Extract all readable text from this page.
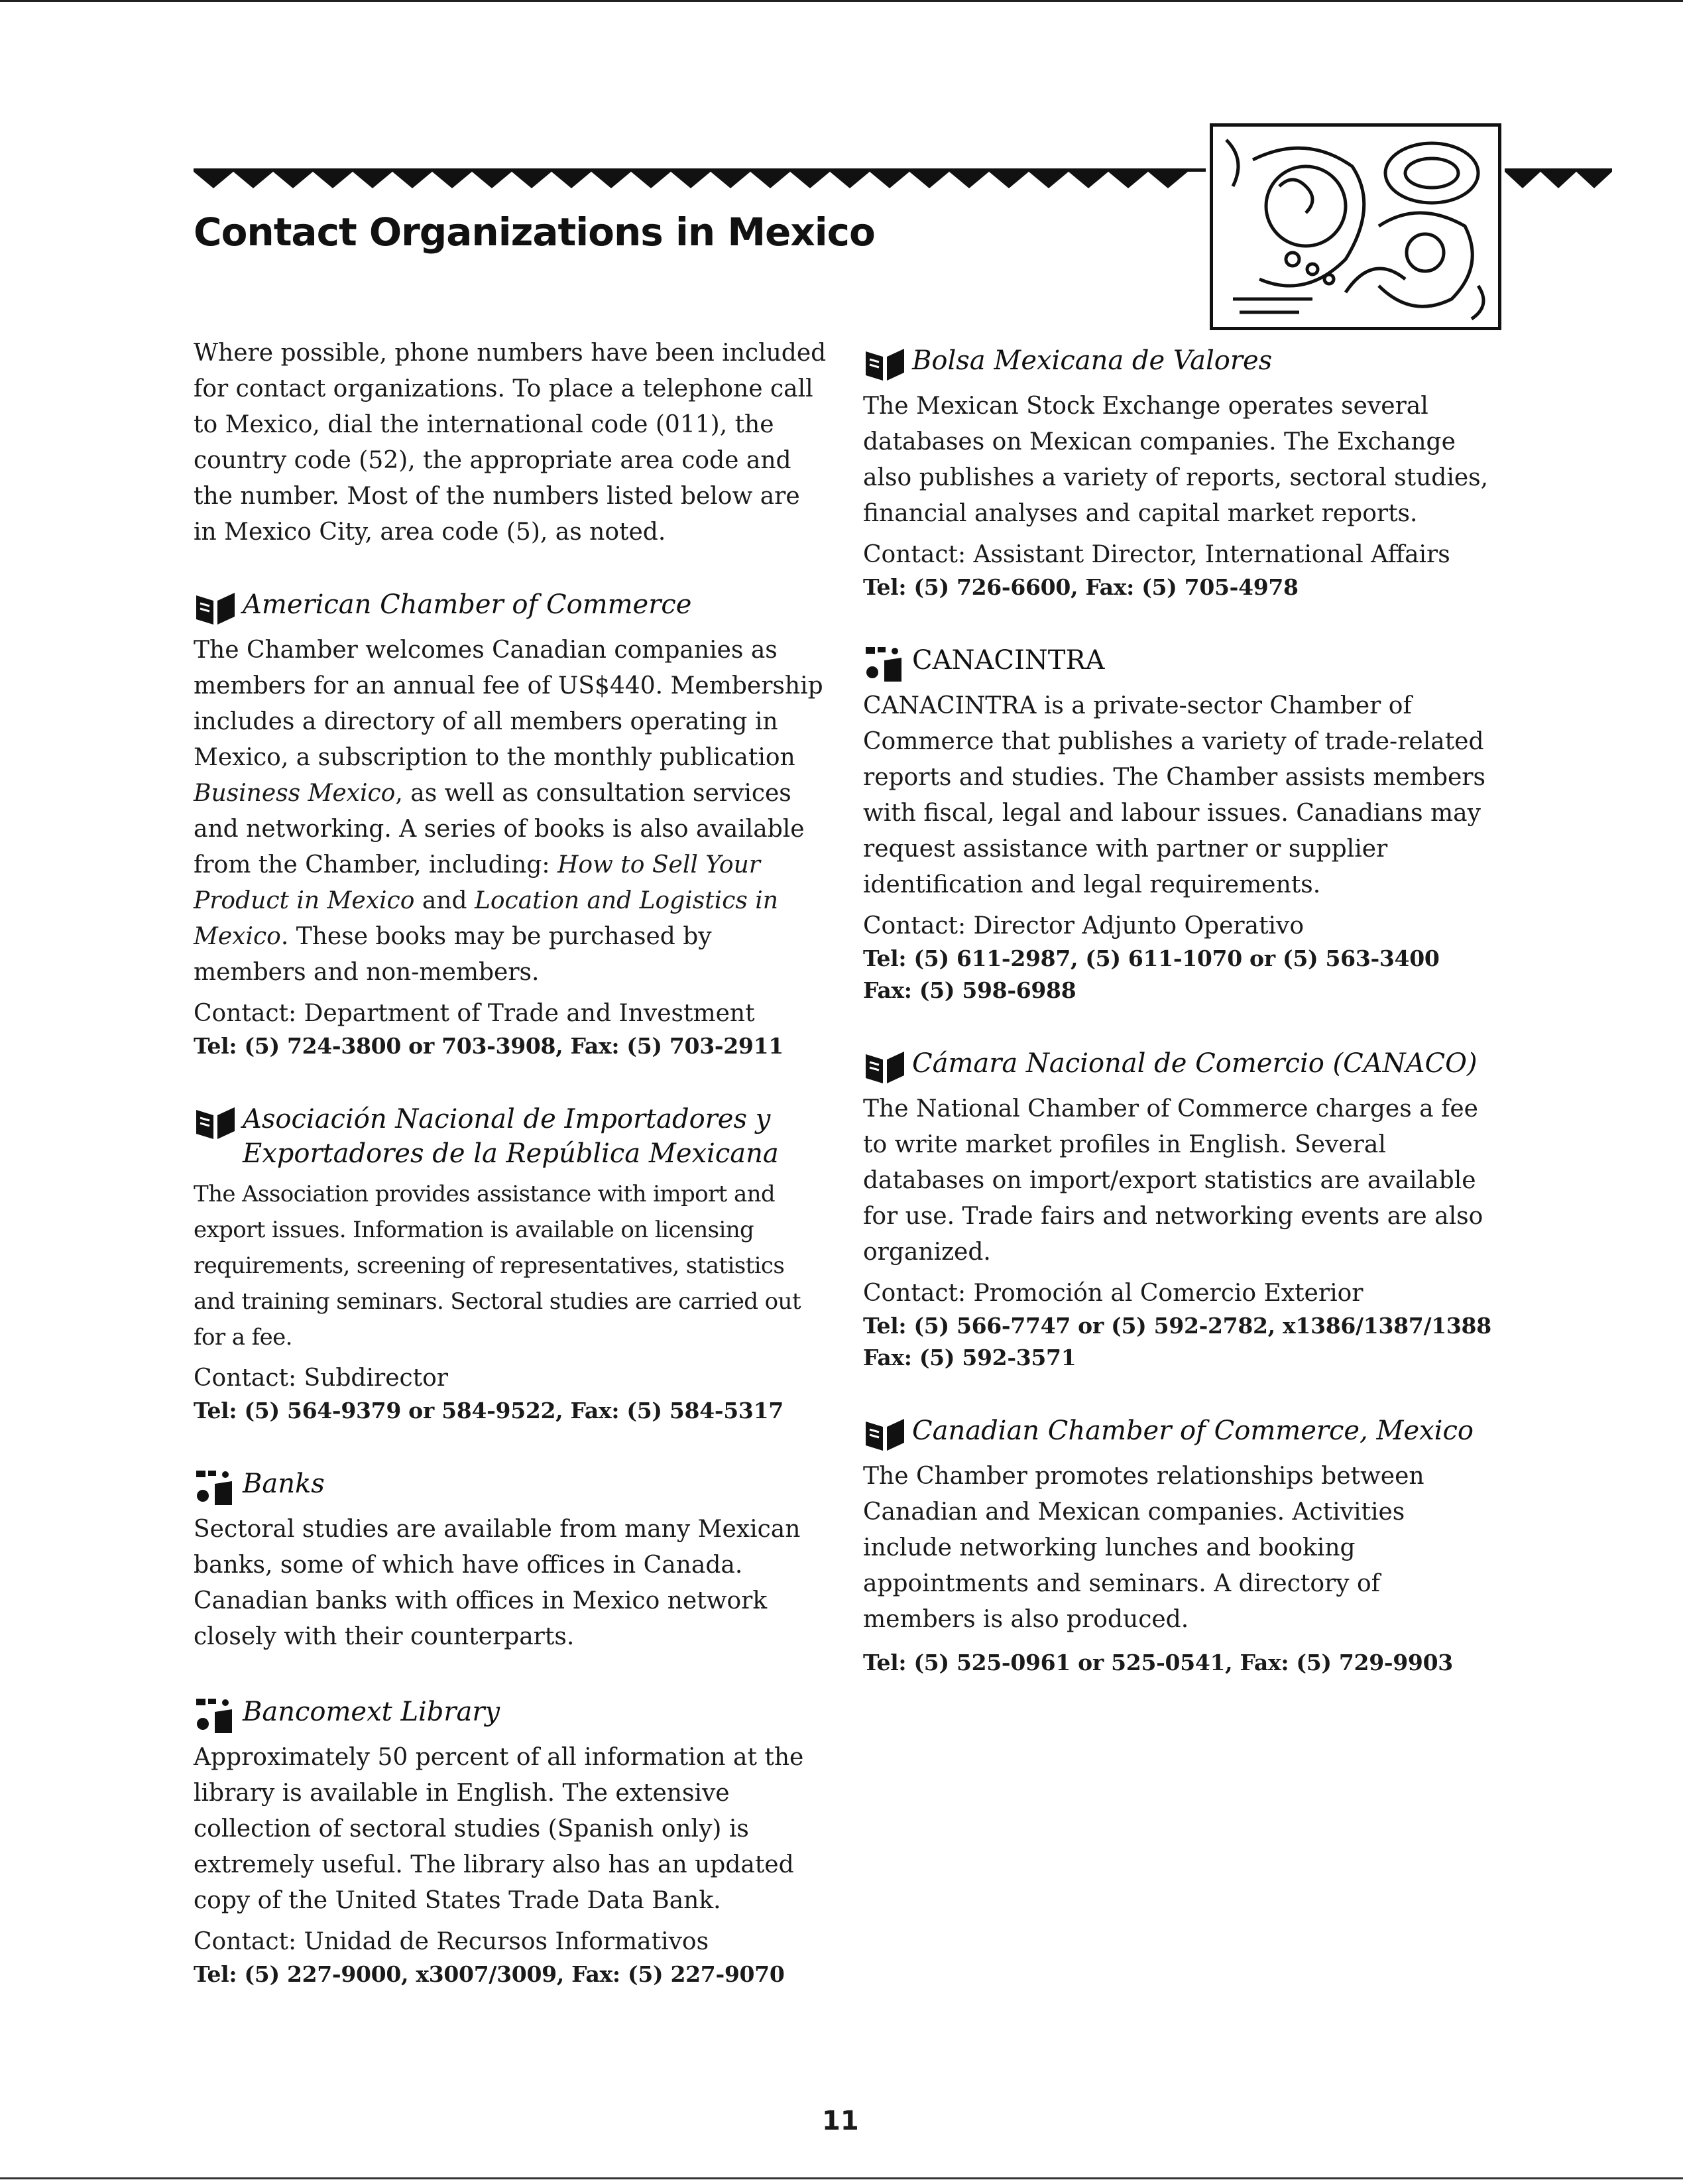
Contact Organizations in Mexico

Where possible, phone numbers have been included for contact organizations. To place a telephone call to Mexico, dial the international code (011), the country code (52), the appropriate area code and the number. Most of the numbers listed below are in Mexico City, area code (5), as noted.

American Chamber of Commerce

The Chamber welcomes Canadian companies as members for an annual fee of US$440. Membership includes a directory of all members operating in Mexico, a subscription to the monthly publication Business Mexico, as well as consultation services and networking. A series of books is also available from the Chamber, including: How to Sell Your Product in Mexico and Location and Logistics in Mexico. These books may be purchased by members and non-members.

Contact: Department of Trade and Investment

Tel: (5) 724-3800 or 703-3908, Fax: (5) 703-2911

Asociación Nacional de Importadores y Exportadores de la República Mexicana

The Association provides assistance with import and export issues. Information is available on licensing requirements, screening of representatives, statistics and training seminars. Sectoral studies are carried out for a fee.

Contact: Subdirector

Tel: (5) 564-9379 or 584-9522, Fax: (5) 584-5317

Banks

Sectoral studies are available from many Mexican banks, some of which have offices in Canada. Canadian banks with offices in Mexico network closely with their counterparts.

Bancomext Library

Approximately 50 percent of all information at the library is available in English. The extensive collection of sectoral studies (Spanish only) is extremely useful. The library also has an updated copy of the United States Trade Data Bank.

Contact: Unidad de Recursos Informativos

Tel: (5) 227-9000, x3007/3009, Fax: (5) 227-9070

Bolsa Mexicana de Valores

The Mexican Stock Exchange operates several databases on Mexican companies. The Exchange also publishes a variety of reports, sectoral studies, financial analyses and capital market reports.

Contact: Assistant Director, International Affairs

Tel: (5) 726-6600, Fax: (5) 705-4978

CANACINTRA

CANACINTRA is a private-sector Chamber of Commerce that publishes a variety of trade-related reports and studies. The Chamber assists members with fiscal, legal and labour issues. Canadians may request assistance with partner or supplier identification and legal requirements.

Contact: Director Adjunto Operativo

Tel: (5) 611-2987, (5) 611-1070 or (5) 563-3400

Fax: (5) 598-6988

Cámara Nacional de Comercio (CANACO)

The National Chamber of Commerce charges a fee to write market profiles in English. Several databases on import/export statistics are available for use. Trade fairs and networking events are also organized.

Contact: Promoción al Comercio Exterior

Tel: (5) 566-7747 or (5) 592-2782, x1386/1387/1388

Fax: (5) 592-3571

Canadian Chamber of Commerce, Mexico

The Chamber promotes relationships between Canadian and Mexican companies. Activities include networking lunches and booking appointments and seminars. A directory of members is also produced.

Tel: (5) 525-0961 or 525-0541, Fax: (5) 729-9903

11
